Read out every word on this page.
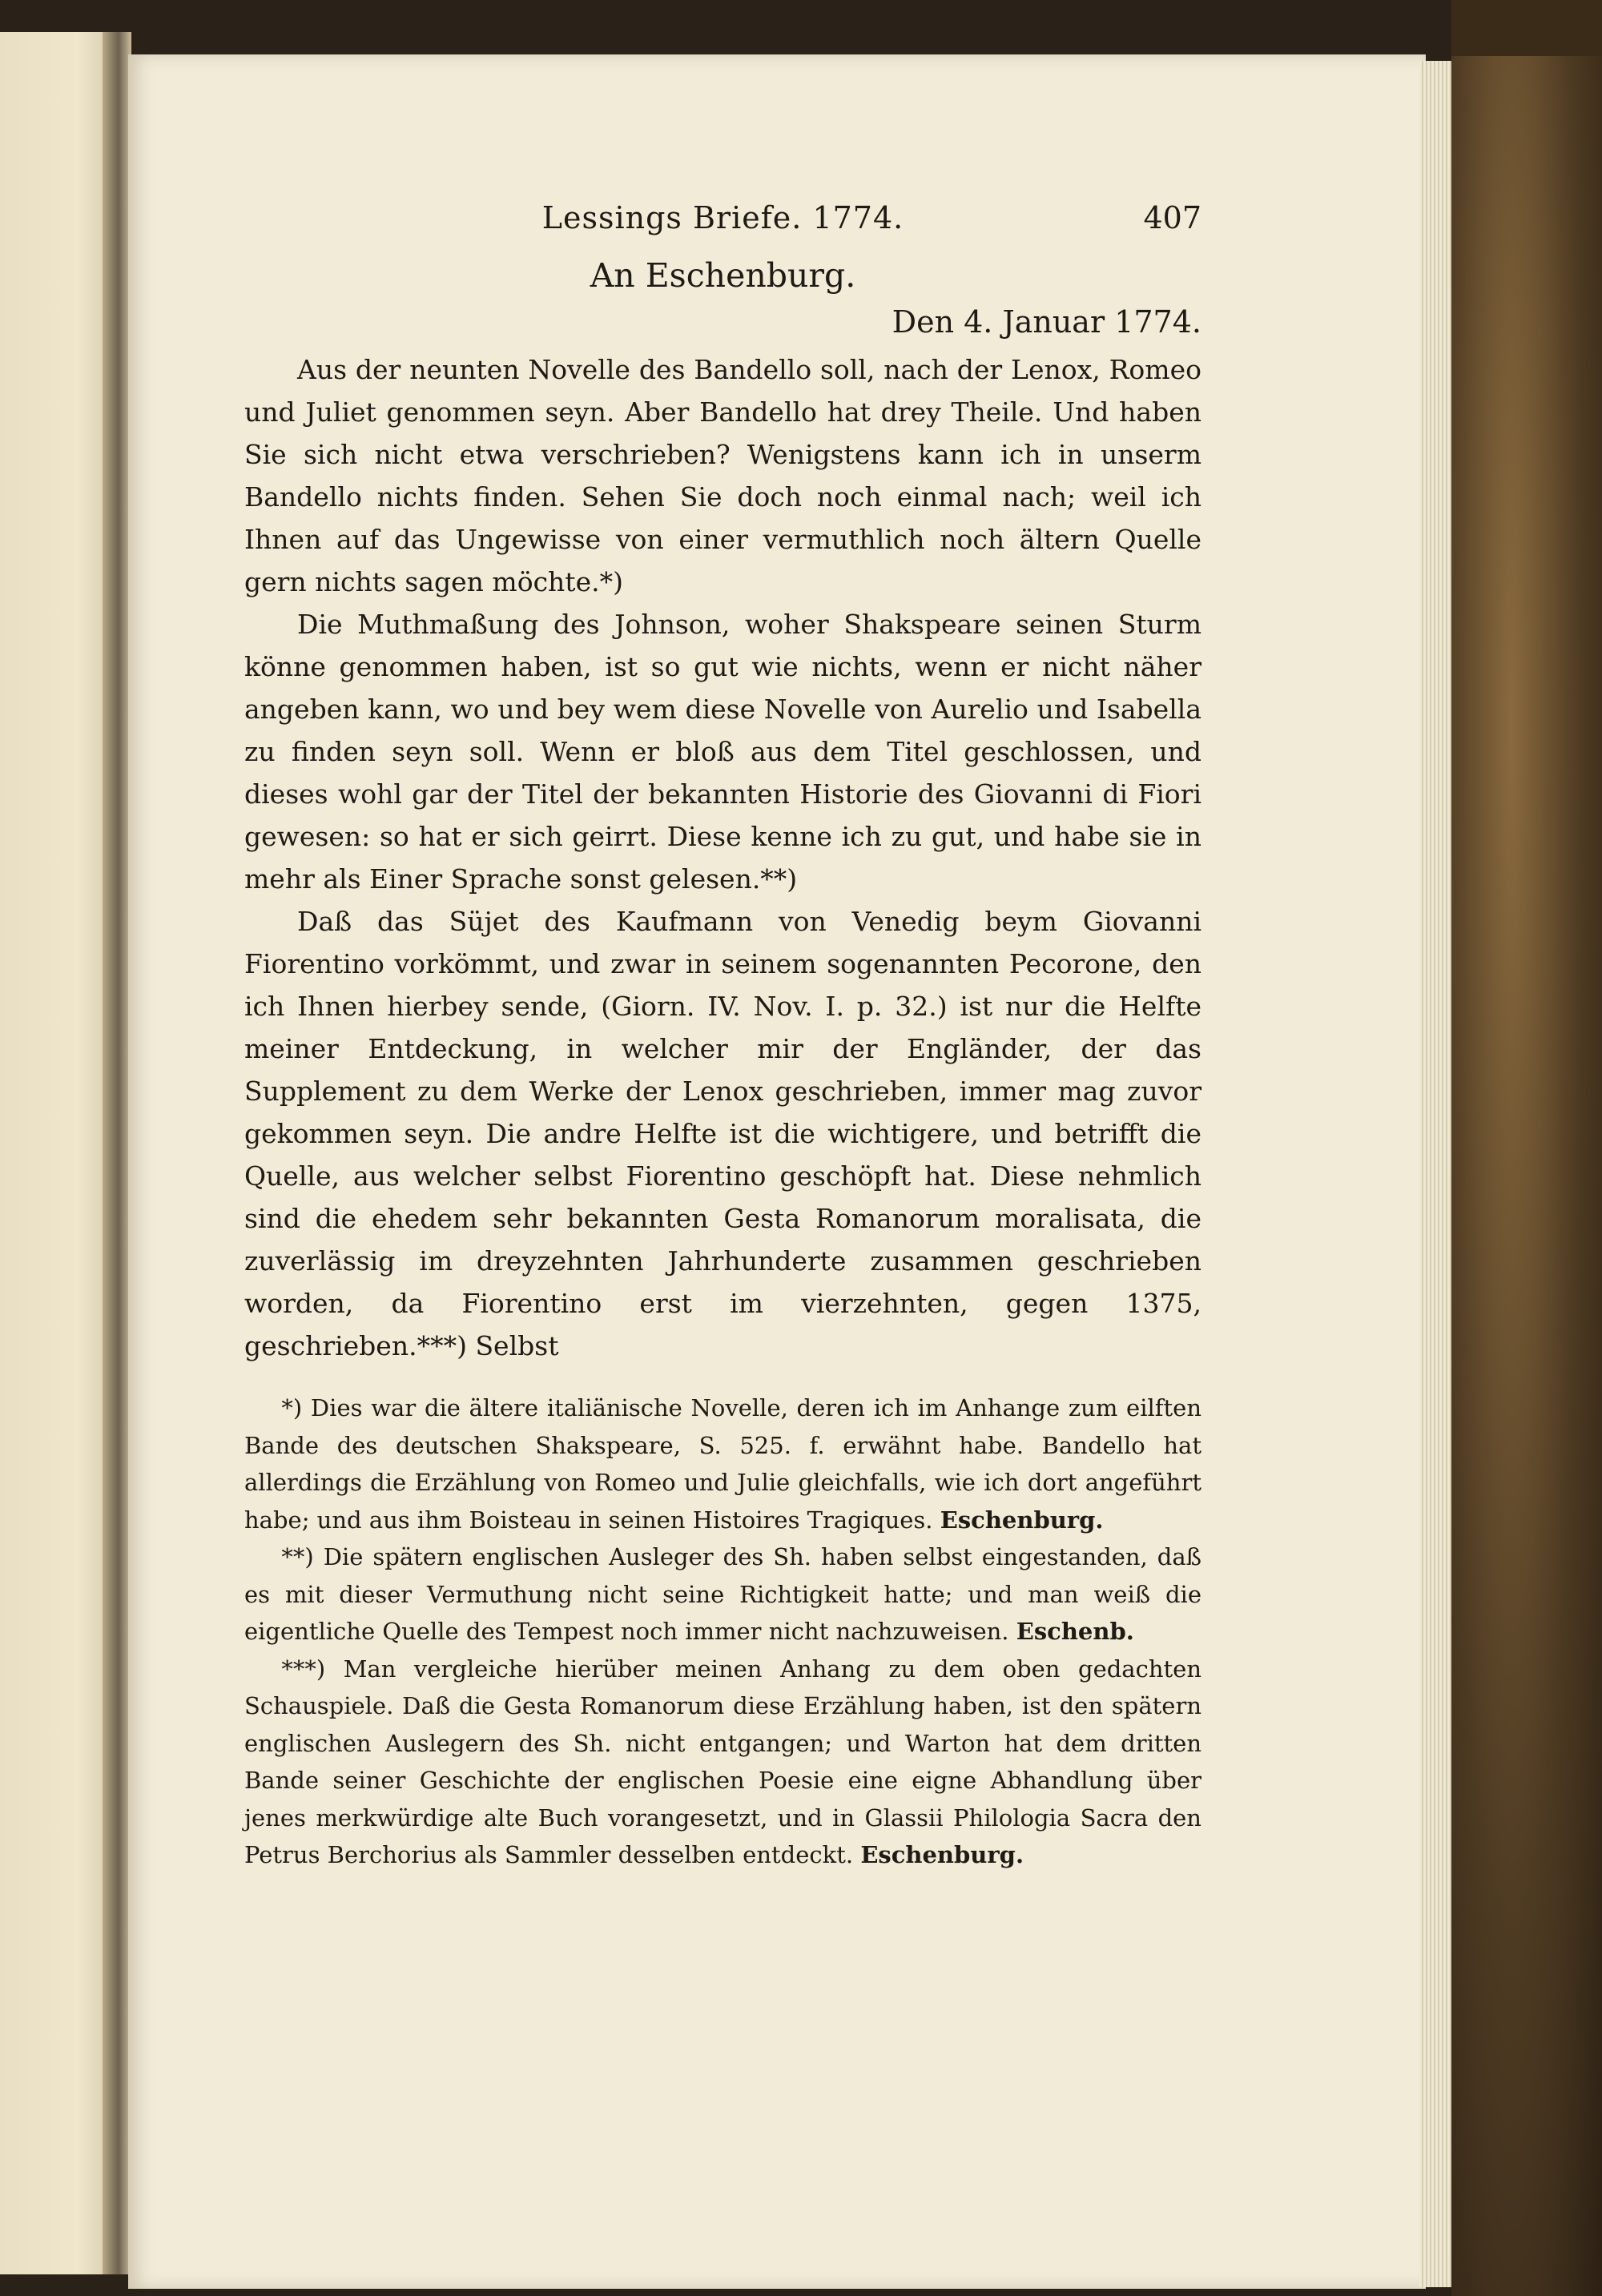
Lessings Briefe. 1774.	407
An Eschenburg.
Den 4. Januar 1774.

Aus der neunten Novelle des Bandello soll, nach der Lenox, Romeo und Juliet genommen seyn. Aber Bandello hat drey Theile. Und haben Sie sich nicht etwa verschrieben? Wenigstens kann ich in unserm Bandello nichts finden. Sehen Sie doch noch einmal nach; weil ich Ihnen auf das Ungewisse von einer vermuthlich noch ältern Quelle gern nichts sagen möchte.*)

Die Muthmaßung des Johnson, woher Shakspeare seinen Sturm könne genommen haben, ist so gut wie nichts, wenn er nicht näher angeben kann, wo und bey wem diese Novelle von Aurelio und Isabella zu finden seyn soll. Wenn er bloß aus dem Titel geschlossen, und dieses wohl gar der Titel der bekannten Historie des Giovanni di Fiori gewesen: so hat er sich geirrt. Diese kenne ich zu gut, und habe sie in mehr als Einer Sprache sonst gelesen.**)

Daß das Süjet des Kaufmann von Venedig beym Giovanni Fiorentino vorkömmt, und zwar in seinem sogenannten Pecorone, den ich Ihnen hierbey sende, (Giorn. IV. Nov. I. p. 32.) ist nur die Helfte meiner Entdeckung, in welcher mir der Engländer, der das Supplement zu dem Werke der Lenox geschrieben, immer mag zuvor gekommen seyn. Die andre Helfte ist die wichtigere, und betrifft die Quelle, aus welcher selbst Fiorentino geschöpft hat. Diese nehmlich sind die ehedem sehr bekannten Gesta Romanorum moralisata, die zuverlässig im dreyzehnten Jahrhunderte zusammen geschrieben worden, da Fiorentino erst im vierzehnten, gegen 1375, geschrieben.***) Selbst

*) Dies war die ältere italiänische Novelle, deren ich im Anhange zum eilften Bande des deutschen Shakspeare, S. 525. f. erwähnt habe. Bandello hat allerdings die Erzählung von Romeo und Julie gleichfalls, wie ich dort angeführt habe; und aus ihm Boisteau in seinen Histoires Tragiques. Eschenburg.

**) Die spätern englischen Ausleger des Sh. haben selbst eingestanden, daß es mit dieser Vermuthung nicht seine Richtigkeit hatte; und man weiß die eigentliche Quelle des Tempest noch immer nicht nachzuweisen. Eschenb.

***) Man vergleiche hierüber meinen Anhang zu dem oben gedachten Schauspiele. Daß die Gesta Romanorum diese Erzählung haben, ist den spätern englischen Auslegern des Sh. nicht entgangen; und Warton hat dem dritten Bande seiner Geschichte der englischen Poesie eine eigne Abhandlung über jenes merkwürdige alte Buch vorangesetzt, und in Glassii Philologia Sacra den Petrus Berchorius als Sammler desselben entdeckt. Eschenburg.
